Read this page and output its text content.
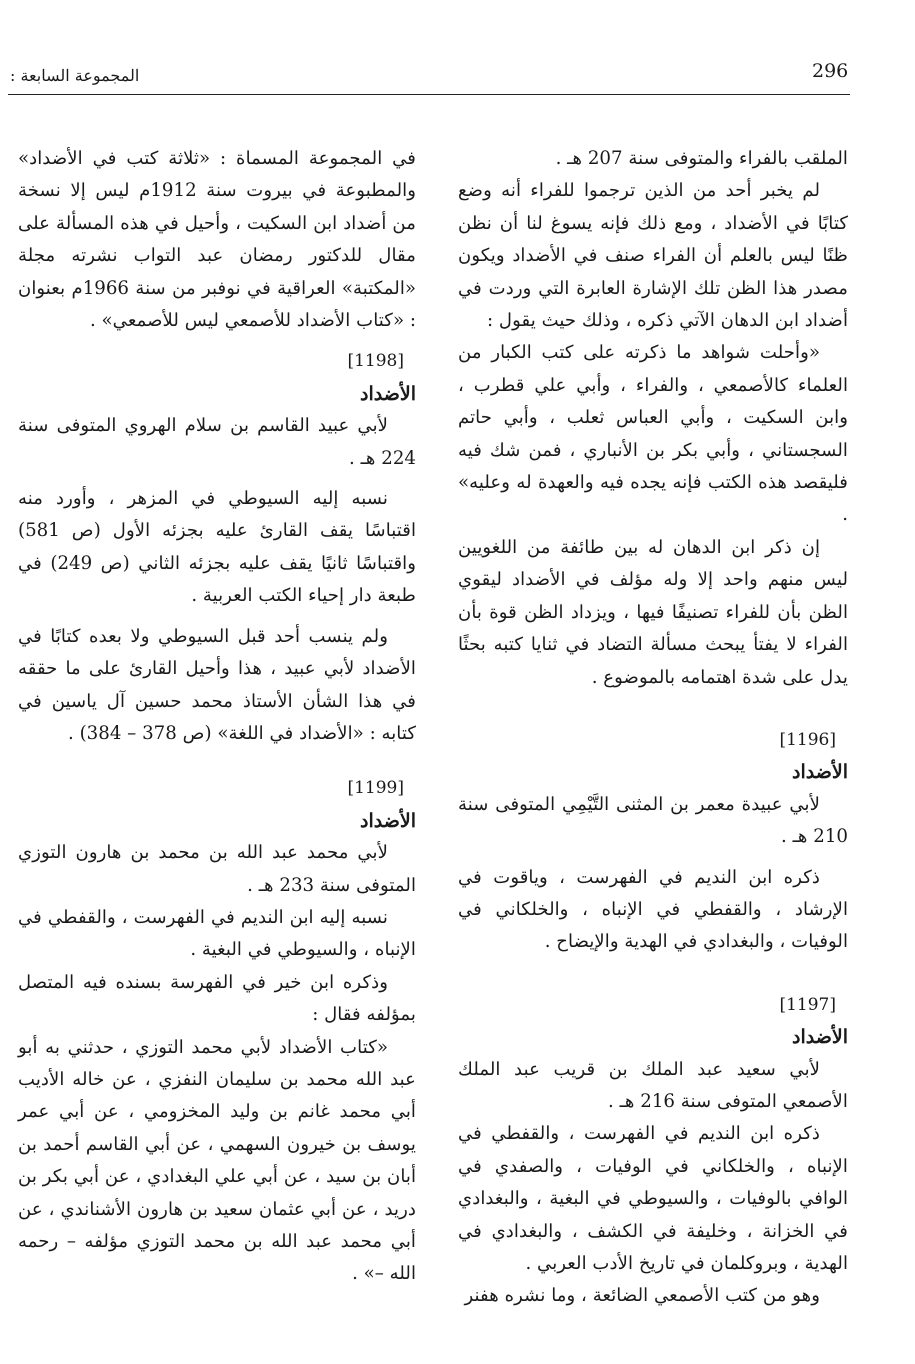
296
المجموعة السابعة :

الملقب بالفراء والمتوفى سنة 207 هـ .

لم يخبر أحد من الذين ترجموا للفراء أنه وضع كتابًا في الأضداد ، ومع ذلك فإنه يسوغ لنا أن نظن ظنًا ليس بالعلم أن الفراء صنف في الأضداد ويكون مصدر هذا الظن تلك الإشارة العابرة التي وردت في أضداد ابن الدهان الآتي ذكره ، وذلك حيث يقول :

«وأحلت شواهد ما ذكرته على كتب الكبار من العلماء كالأصمعي ، والفراء ، وأبي علي قطرب ، وابن السكيت ، وأبي العباس ثعلب ، وأبي حاتم السجستاني ، وأبي بكر بن الأنباري ، فمن شك فيه فليقصد هذه الكتب فإنه يجده فيه والعهدة له وعليه» .

إن ذكر ابن الدهان له بين طائفة من اللغويين ليس منهم واحد إلا وله مؤلف في الأضداد ليقوي الظن بأن للفراء تصنيفًا فيها ، ويزداد الظن قوة بأن الفراء لا يفتأ يبحث مسألة التضاد في ثنايا كتبه بحثًا يدل على شدة اهتمامه بالموضوع .

[1196]

الأضداد

لأبي عبيدة معمر بن المثنى التَّيْمِي المتوفى سنة 210 هـ .

ذكره ابن النديم في الفهرست ، وياقوت في الإرشاد ، والقفطي في الإنباه ، والخلكاني في الوفيات ، والبغدادي في الهدية والإيضاح .

[1197]

الأضداد

لأبي سعيد عبد الملك بن قريب عبد الملك الأصمعي المتوفى سنة 216 هـ .

ذكره ابن النديم في الفهرست ، والقفطي في الإنباه ، والخلكاني في الوفيات ، والصفدي في الوافي بالوفيات ، والسيوطي في البغية ، والبغدادي في الخزانة ، وخليفة في الكشف ، والبغدادي في الهدية ، وبروكلمان في تاريخ الأدب العربي .

وهو من كتب الأصمعي الضائعة ، وما نشره هفنر

في المجموعة المسماة : «ثلاثة كتب في الأضداد» والمطبوعة في بيروت سنة 1912م ليس إلا نسخة من أضداد ابن السكيت ، وأحيل في هذه المسألة على مقال للدكتور رمضان عبد التواب نشرته مجلة «المكتبة» العراقية في نوفبر من سنة 1966م بعنوان : «كتاب الأضداد للأصمعي ليس للأصمعي» .

[1198]

الأضداد

لأبي عبيد القاسم بن سلام الهروي المتوفى سنة 224 هـ .

نسبه إليه السيوطي في المزهر ، وأورد منه اقتباسًا يقف القارئ عليه بجزئه الأول (ص 581) واقتباسًا ثانيًا يقف عليه بجزئه الثاني (ص 249) في طبعة دار إحياء الكتب العربية .

ولم ينسب أحد قبل السيوطي ولا بعده كتابًا في الأضداد لأبي عبيد ، هذا وأحيل القارئ على ما حققه في هذا الشأن الأستاذ محمد حسين آل ياسين في كتابه : «الأضداد في اللغة» (ص 378 – 384) .

[1199]

الأضداد

لأبي محمد عبد الله بن محمد بن هارون التوزي المتوفى سنة 233 هـ .

نسبه إليه ابن النديم في الفهرست ، والقفطي في الإنباه ، والسيوطي في البغية .

وذكره ابن خير في الفهرسة بسنده فيه المتصل بمؤلفه فقال :

«كتاب الأضداد لأبي محمد التوزي ، حدثني به أبو عبد الله محمد بن سليمان النفزي ، عن خاله الأديب أبي محمد غانم بن وليد المخزومي ، عن أبي عمر يوسف بن خيرون السهمي ، عن أبي القاسم أحمد بن أبان بن سيد ، عن أبي علي البغدادي ، عن أبي بكر بن دريد ، عن أبي عثمان سعيد بن هارون الأشناندي ، عن أبي محمد عبد الله بن محمد التوزي مؤلفه – رحمه الله –» .
